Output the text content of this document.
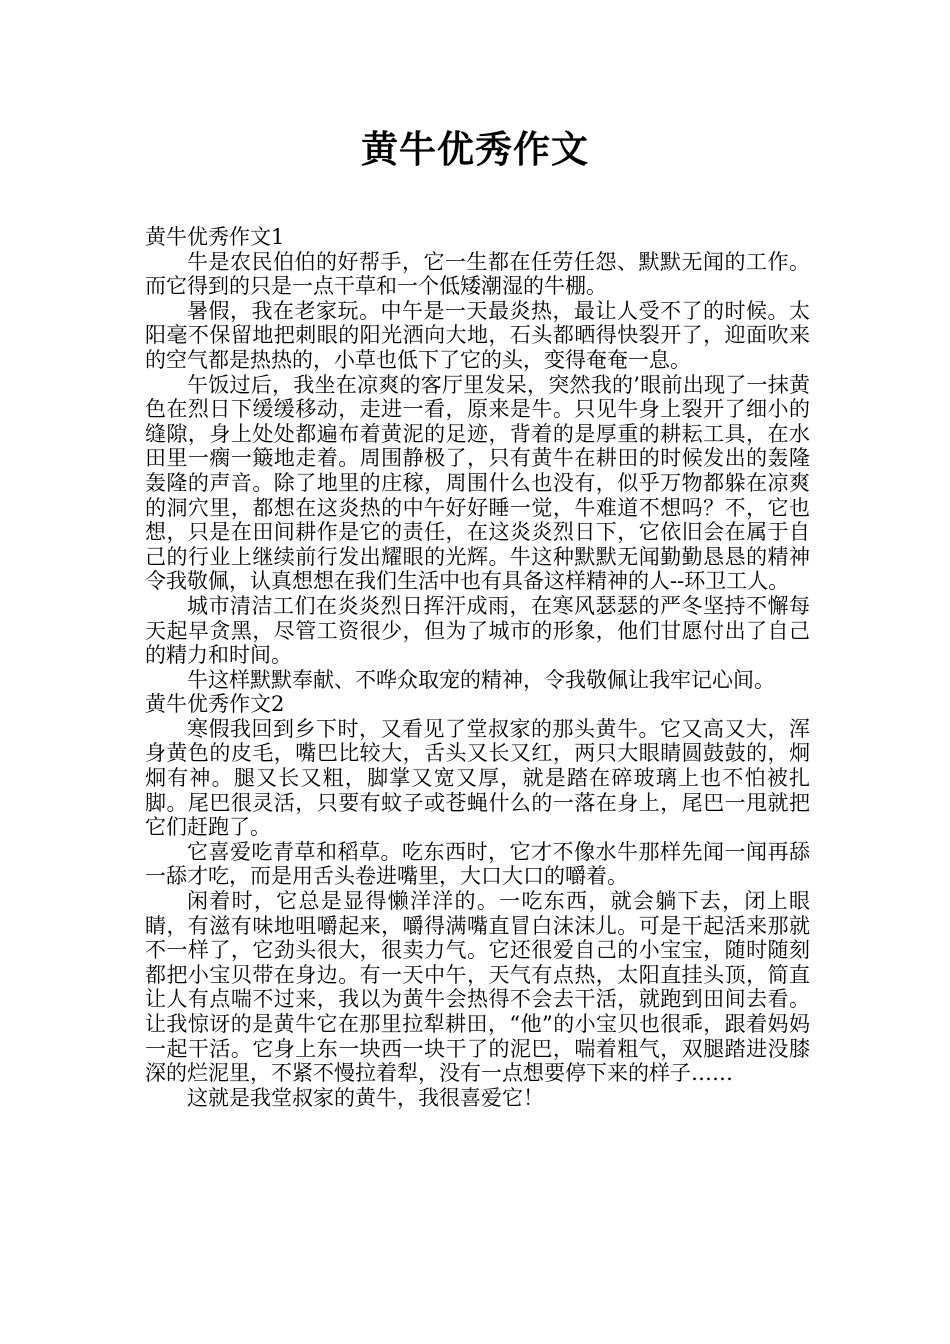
黄牛优秀作文
黄牛优秀作文1

牛是农民伯伯的好帮手，它一生都在任劳任怨、默默无闻的工作。而它得到的只是一点干草和一个低矮潮湿的牛棚。

暑假，我在老家玩。中午是一天最炎热，最让人受不了的时候。太阳毫不保留地把刺眼的阳光洒向大地，石头都晒得快裂开了，迎面吹来的空气都是热热的，小草也低下了它的头，变得奄奄一息。

午饭过后，我坐在凉爽的客厅里发呆，突然我的’眼前出现了一抹黄色在烈日下缓缓移动，走进一看，原来是牛。只见牛身上裂开了细小的缝隙，身上处处都遍布着黄泥的足迹，背着的是厚重的耕耘工具，在水田里一瘸一簸地走着。周围静极了，只有黄牛在耕田的时候发出的轰隆轰隆的声音。除了地里的庄稼，周围什么也没有，似乎万物都躲在凉爽的洞穴里，都想在这炎热的中午好好睡一觉，牛难道不想吗？不，它也想，只是在田间耕作是它的责任，在这炎炎烈日下，它依旧会在属于自己的行业上继续前行发出耀眼的光辉。牛这种默默无闻勤勤恳恳的精神令我敬佩，认真想想在我们生活中也有具备这样精神的人--环卫工人。

城市清洁工们在炎炎烈日挥汗成雨，在寒风瑟瑟的严冬坚持不懈每天起早贪黑，尽管工资很少，但为了城市的形象，他们甘愿付出了自己的精力和时间。

牛这样默默奉献、不哗众取宠的精神，令我敬佩让我牢记心间。

黄牛优秀作文2

寒假我回到乡下时，又看见了堂叔家的那头黄牛。它又高又大，浑身黄色的皮毛，嘴巴比较大，舌头又长又红，两只大眼睛圆鼓鼓的，炯炯有神。腿又长又粗，脚掌又宽又厚，就是踏在碎玻璃上也不怕被扎脚。尾巴很灵活，只要有蚊子或苍蝇什么的一落在身上，尾巴一甩就把它们赶跑了。

它喜爱吃青草和稻草。吃东西时，它才不像水牛那样先闻一闻再舔一舔才吃，而是用舌头卷进嘴里，大口大口的嚼着。

闲着时，它总是显得懒洋洋的。一吃东西，就会躺下去，闭上眼睛，有滋有味地咀嚼起来，嚼得满嘴直冒白沫沫儿。可是干起活来那就不一样了，它劲头很大，很卖力气。它还很爱自己的小宝宝，随时随刻都把小宝贝带在身边。有一天中午，天气有点热，太阳直挂头顶，简直让人有点喘不过来，我以为黄牛会热得不会去干活，就跑到田间去看。让我惊讶的是黄牛它在那里拉犁耕田，“他”的小宝贝也很乖，跟着妈妈一起干活。它身上东一块西一块干了的泥巴，喘着粗气，双腿踏进没膝深的烂泥里，不紧不慢拉着犁，没有一点想要停下来的样子……

这就是我堂叔家的黄牛，我很喜爱它！
